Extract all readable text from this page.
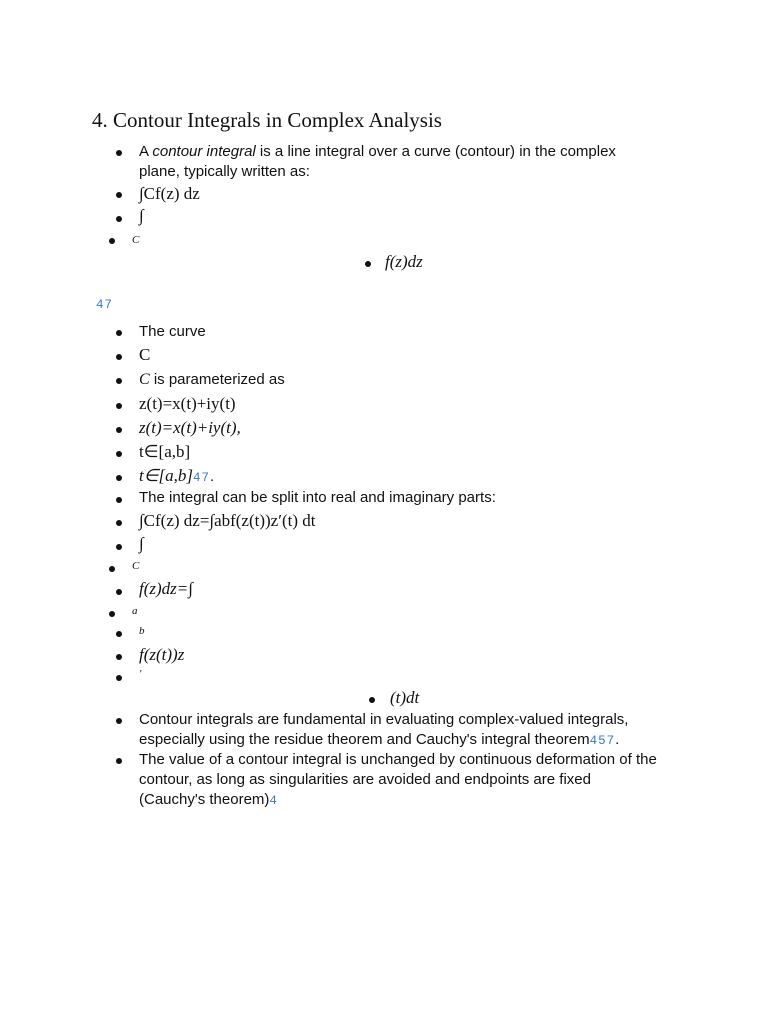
4. Contour Integrals in Complex Analysis
A contour integral is a line integral over a curve (contour) in the complex
plane, typically written as:
∫Cf(z) dz
∫
C
f(z)dz
47
The curve
C
C is parameterized as
z(t)=x(t)+iy(t)
z(t)=x(t)+iy(t),
t∈[a,b]
t∈[a,b]47.
The integral can be split into real and imaginary parts:
∫Cf(z) dz=∫abf(z(t))z′(t) dt
∫
C
f(z)dz=∫
a
b
f(z(t))z
′
(t)dt
Contour integrals are fundamental in evaluating complex-valued integrals,
especially using the residue theorem and Cauchy's integral theorem457.
The value of a contour integral is unchanged by continuous deformation of the
contour, as long as singularities are avoided and endpoints are fixed
(Cauchy's theorem)4
